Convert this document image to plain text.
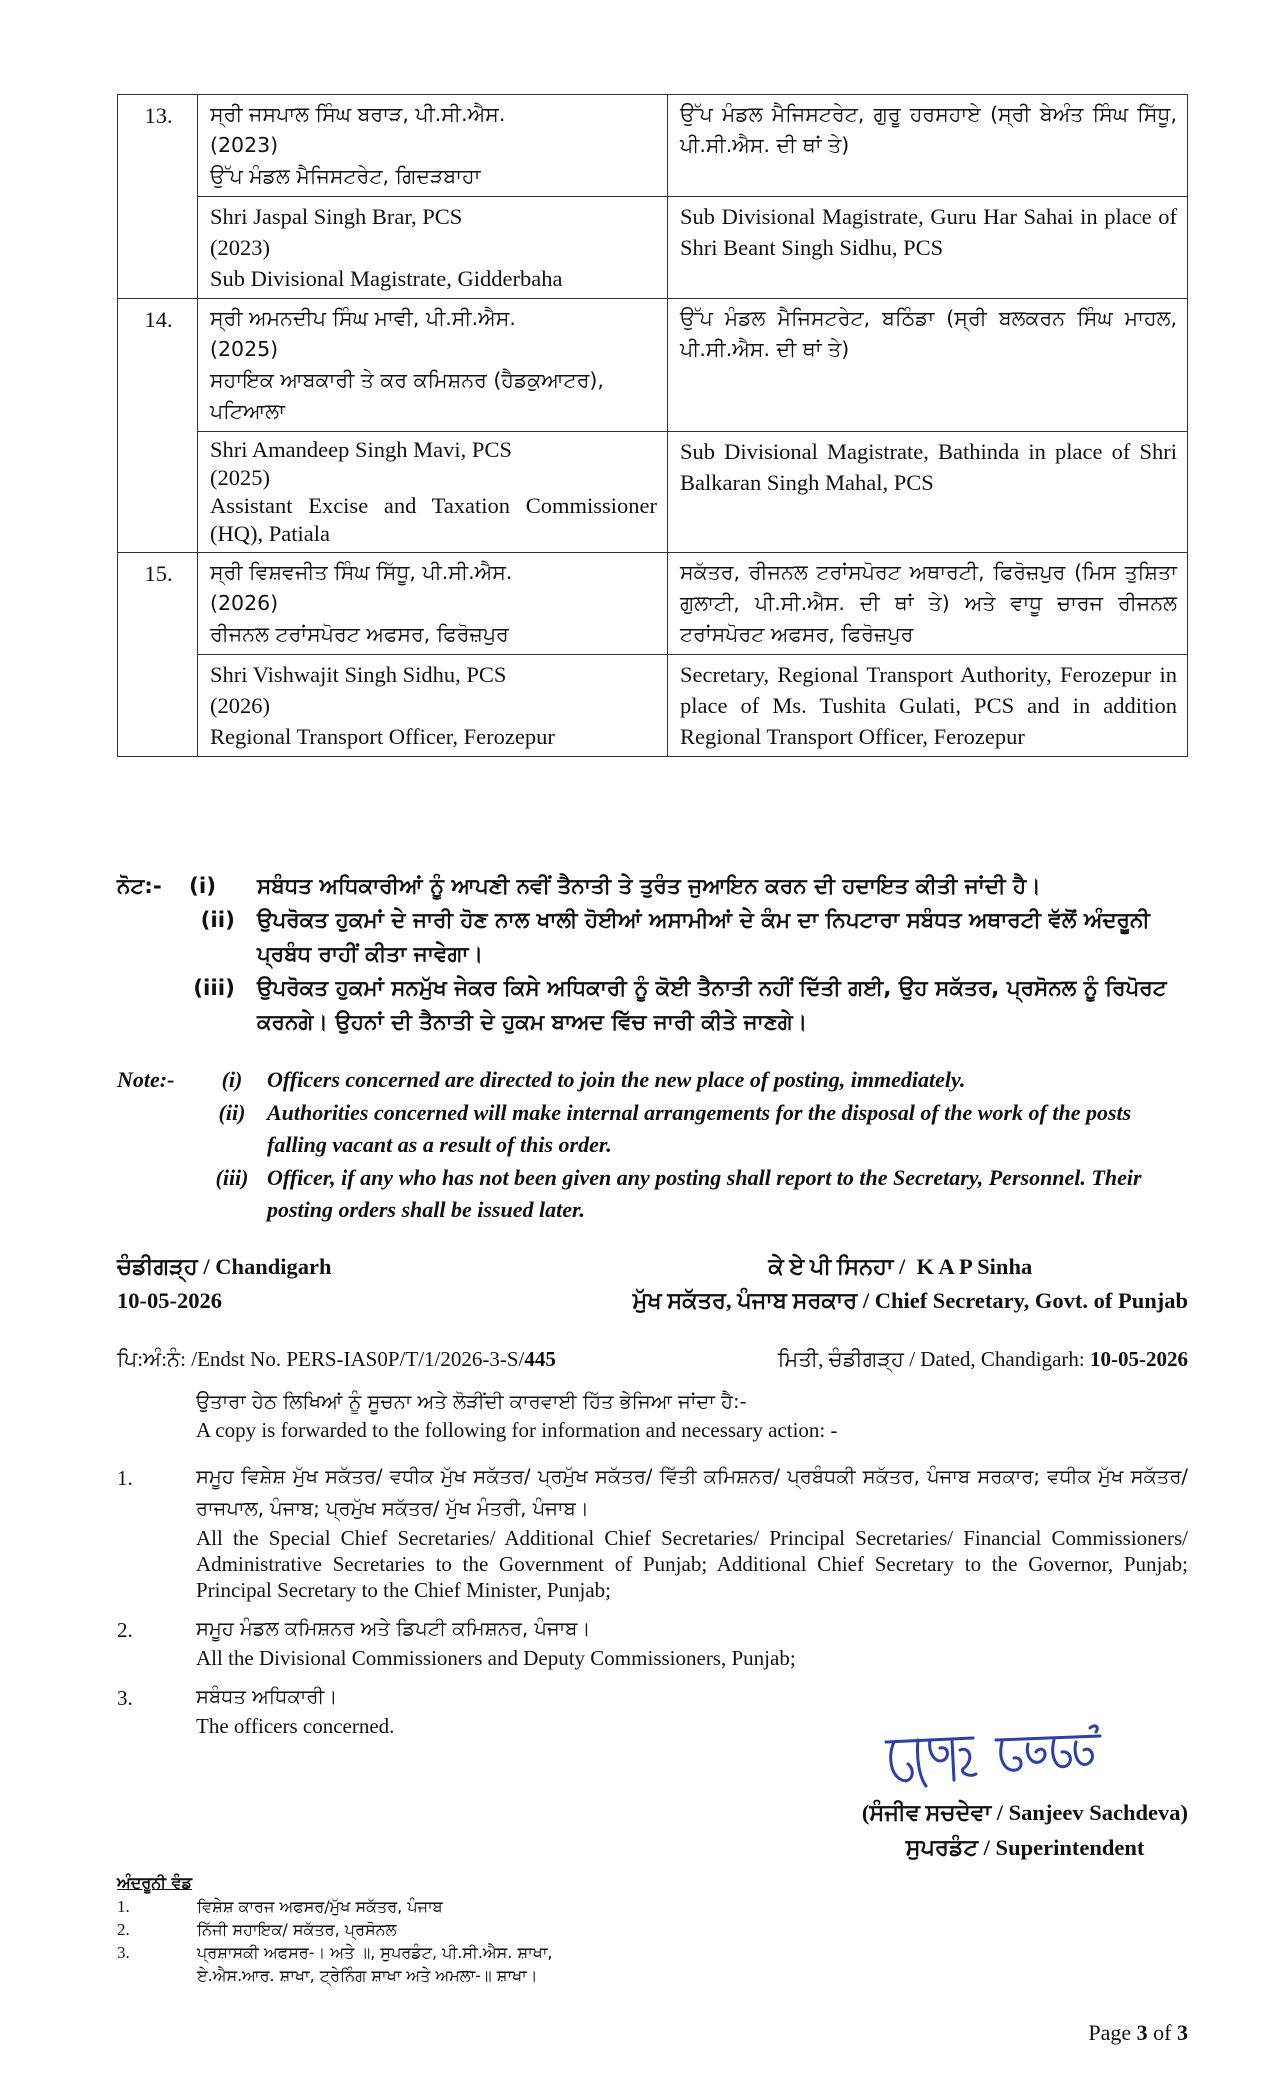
13.	ਸ੍ਰੀ ਜਸਪਾਲ ਸਿੰਘ ਬਰਾੜ, ਪੀ.ਸੀ.ਐਸ.
(2023)
ਉੱਪ ਮੰਡਲ ਮੈਜਿਸਟਰੇਟ, ਗਿਦੜਬਾਹਾ	ਉੱਪ ਮੰਡਲ ਮੈਜਿਸਟਰੇਟ, ਗੁਰੂ ਹਰਸਹਾਏ (ਸ੍ਰੀ ਬੇਅੰਤ ਸਿੰਘ ਸਿੱਧੂ, ਪੀ.ਸੀ.ਐਸ. ਦੀ ਥਾਂ ਤੇ)

	Shri Jaspal Singh Brar, PCS
(2023)
Sub Divisional Magistrate, Gidderbaha	Sub Divisional Magistrate, Guru Har Sahai in place of Shri Beant Singh Sidhu, PCS
14.	ਸ੍ਰੀ ਅਮਨਦੀਪ ਸਿੰਘ ਮਾਵੀ, ਪੀ.ਸੀ.ਐਸ.
(2025)
ਸਹਾਇਕ ਆਬਕਾਰੀ ਤੇ ਕਰ ਕਮਿਸ਼ਨਰ (ਹੈਡਕੁਆਟਰ), ਪਟਿਆਲਾ	ਉੱਪ ਮੰਡਲ ਮੈਜਿਸਟਰੇਟ, ਬਠਿੰਡਾ (ਸ੍ਰੀ ਬਲਕਰਨ ਸਿੰਘ ਮਾਹਲ, ਪੀ.ਸੀ.ਐਸ. ਦੀ ਥਾਂ ਤੇ)

	Shri Amandeep Singh Mavi, PCS
(2025)
Assistant Excise and Taxation Commissioner (HQ), Patiala	Sub Divisional Magistrate, Bathinda in place of Shri Balkaran Singh Mahal, PCS
15.	ਸ੍ਰੀ ਵਿਸ਼ਵਜੀਤ ਸਿੰਘ ਸਿੱਧੂ, ਪੀ.ਸੀ.ਐਸ.
(2026)
ਰੀਜਨਲ ਟਰਾਂਸਪੋਰਟ ਅਫਸਰ, ਫਿਰੋਜ਼ਪੁਰ	ਸਕੱਤਰ, ਰੀਜਨਲ ਟਰਾਂਸਪੋਰਟ ਅਥਾਰਟੀ, ਫਿਰੋਜ਼ਪੁਰ (ਮਿਸ ਤੁਸ਼ਿਤਾ ਗੁਲਾਟੀ, ਪੀ.ਸੀ.ਐਸ. ਦੀ ਥਾਂ ਤੇ) ਅਤੇ ਵਾਧੂ ਚਾਰਜ ਰੀਜਨਲ ਟਰਾਂਸਪੋਰਟ ਅਫਸਰ, ਫਿਰੋਜ਼ਪੁਰ

	Shri Vishwajit Singh Sidhu, PCS
(2026)
Regional Transport Officer, Ferozepur	Secretary, Regional Transport Authority, Ferozepur in place of Ms. Tushita Gulati, PCS and in addition Regional Transport Officer, Ferozepur
ਨੋਟ:-	(i)	ਸਬੰਧਤ ਅਧਿਕਾਰੀਆਂ ਨੂੰ ਆਪਣੀ ਨਵੀਂ ਤੈਨਾਤੀ ਤੇ ਤੁਰੰਤ ਜੁਆਇਨ ਕਰਨ ਦੀ ਹਦਾਇਤ ਕੀਤੀ ਜਾਂਦੀ ਹੈ।
(ii)	ਉਪਰੋਕਤ ਹੁਕਮਾਂ ਦੇ ਜਾਰੀ ਹੋਣ ਨਾਲ ਖਾਲੀ ਹੋਈਆਂ ਅਸਾਮੀਆਂ ਦੇ ਕੰਮ ਦਾ ਨਿਪਟਾਰਾ ਸਬੰਧਤ ਅਥਾਰਟੀ ਵੱਲੋਂ ਅੰਦਰੂਨੀ ਪ੍ਰਬੰਧ ਰਾਹੀਂ ਕੀਤਾ ਜਾਵੇਗਾ।
(iii)	ਉਪਰੋਕਤ ਹੁਕਮਾਂ ਸਨਮੁੱਖ ਜੇਕਰ ਕਿਸੇ ਅਧਿਕਾਰੀ ਨੂੰ ਕੋਈ ਤੈਨਾਤੀ ਨਹੀਂ ਦਿੱਤੀ ਗਈ, ਉਹ ਸਕੱਤਰ, ਪ੍ਰਸੋਨਲ ਨੂੰ ਰਿਪੋਰਟ ਕਰਨਗੇ। ਉਹਨਾਂ ਦੀ ਤੈਨਾਤੀ ਦੇ ਹੁਕਮ ਬਾਅਦ ਵਿੱਚ ਜਾਰੀ ਕੀਤੇ ਜਾਣਗੇ।
Note:-	(i)	Officers concerned are directed to join the new place of posting, immediately.
(ii) Authorities concerned will make internal arrangements for the disposal of the work of the posts falling vacant as a result of this order.
(iii) Officer, if any who has not been given any posting shall report to the Secretary, Personnel. Their posting orders shall be issued later.
ਚੰਡੀਗੜ੍ਹ / Chandigarh
10-05-2026
ਕੇ ਏ ਪੀ ਸਿਨਹਾ / K A P Sinha
ਮੁੱਖ ਸਕੱਤਰ, ਪੰਜਾਬ ਸਰਕਾਰ / Chief Secretary, Govt. of Punjab
ਪਿ:ਅੰ:ਨੰ: /Endst No. PERS-IAS0P/T/1/2026-3-S/445	ਮਿਤੀ, ਚੰਡੀਗੜ੍ਹ / Dated, Chandigarh: 10-05-2026
ਉਤਾਰਾ ਹੇਠ ਲਿਖਿਆਂ ਨੂੰ ਸੂਚਨਾ ਅਤੇ ਲੋੜੀਂਦੀ ਕਾਰਵਾਈ ਹਿੱਤ ਭੇਜਿਆ ਜਾਂਦਾ ਹੈ:-
A copy is forwarded to the following for information and necessary action: -
1.	ਸਮੂਹ ਵਿਸ਼ੇਸ਼ ਮੁੱਖ ਸਕੱਤਰ/ ਵਧੀਕ ਮੁੱਖ ਸਕੱਤਰ/ ਪ੍ਰਮੁੱਖ ਸਕੱਤਰ/ ਵਿੱਤੀ ਕਮਿਸ਼ਨਰ/ ਪ੍ਰਬੰਧਕੀ ਸਕੱਤਰ, ਪੰਜਾਬ ਸਰਕਾਰ; ਵਧੀਕ ਮੁੱਖ ਸਕੱਤਰ/ ਰਾਜਪਾਲ, ਪੰਜਾਬ; ਪ੍ਰਮੁੱਖ ਸਕੱਤਰ/ ਮੁੱਖ ਮੰਤਰੀ, ਪੰਜਾਬ।
All the Special Chief Secretaries/ Additional Chief Secretaries/ Principal Secretaries/ Financial Commissioners/ Administrative Secretaries to the Government of Punjab; Additional Chief Secretary to the Governor, Punjab; Principal Secretary to the Chief Minister, Punjab;
2.	ਸਮੂਹ ਮੰਡਲ ਕਮਿਸ਼ਨਰ ਅਤੇ ਡਿਪਟੀ ਕਮਿਸ਼ਨਰ, ਪੰਜਾਬ।
All the Divisional Commissioners and Deputy Commissioners, Punjab;
3.	ਸਬੰਧਤ ਅਧਿਕਾਰੀ।
The officers concerned.
(ਸੰਜੀਵ ਸਚਦੇਵਾ / Sanjeev Sachdeva)
ਸੁਪਰਡੰਟ / Superintendent
ਅੰਦਰੂਨੀ ਵੰਡ
1.	ਵਿਸ਼ੇਸ਼ ਕਾਰਜ ਅਫਸਰ/ਮੁੱਖ ਸਕੱਤਰ, ਪੰਜਾਬ
2.	ਨਿੱਜੀ ਸਹਾਇਕ/ ਸਕੱਤਰ, ਪ੍ਰਸੋਨਲ
3.	ਪ੍ਰਸ਼ਾਸਕੀ ਅਫਸਰ-। ਅਤੇ ॥, ਸੁਪਰਡੰਟ, ਪੀ.ਸੀ.ਐਸ. ਸ਼ਾਖਾ,
ਏ.ਐਸ.ਆਰ. ਸ਼ਾਖਾ, ਟ੍ਰੇਨਿੰਗ ਸ਼ਾਖਾ ਅਤੇ ਅਮਲਾ-॥ ਸ਼ਾਖਾ।
Page 3 of 3
